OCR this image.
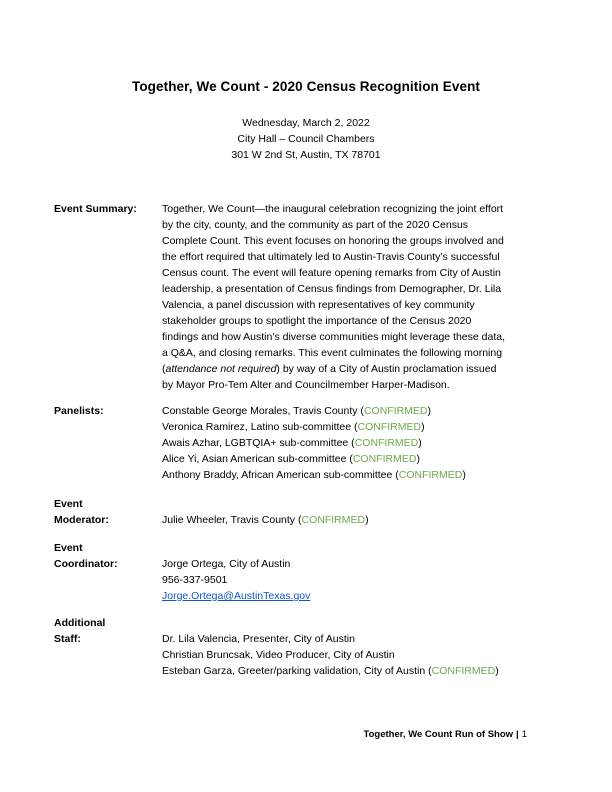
Together, We Count - 2020 Census Recognition Event
Wednesday, March 2, 2022
City Hall – Council Chambers
301 W 2nd St, Austin, TX 78701
Event Summary:	Together, We Count—the inaugural celebration recognizing the joint effort
by the city, county, and the community as part of the 2020 Census
Complete Count. This event focuses on honoring the groups involved and
the effort required that ultimately led to Austin-Travis County’s successful
Census count. The event will feature opening remarks from City of Austin
leadership, a presentation of Census findings from Demographer, Dr. Lila
Valencia, a panel discussion with representatives of key community
stakeholder groups to spotlight the importance of the Census 2020
findings and how Austin’s diverse communities might leverage these data,
a Q&A, and closing remarks. This event culminates the following morning
(attendance not required) by way of a City of Austin proclamation issued
by Mayor Pro-Tem Alter and Councilmember Harper-Madison.
Panelists:	Constable George Morales, Travis County (CONFIRMED)
Veronica Ramirez, Latino sub-committee (CONFIRMED)
Awais Azhar, LGBTQIA+ sub-committee (CONFIRMED)
Alice Yi, Asian American sub-committee (CONFIRMED)
Anthony Braddy, African American sub-committee (CONFIRMED)
Event
Moderator:	Julie Wheeler, Travis County (CONFIRMED)
Event
Coordinator:	Jorge Ortega, City of Austin
956-337-9501
Jorge.Ortega@AustinTexas.gov
Additional
Staff:	Dr. Lila Valencia, Presenter, City of Austin
Christian Bruncsak, Video Producer, City of Austin
Esteban Garza, Greeter/parking validation, City of Austin (CONFIRMED)
Together, We Count Run of Show | 1
